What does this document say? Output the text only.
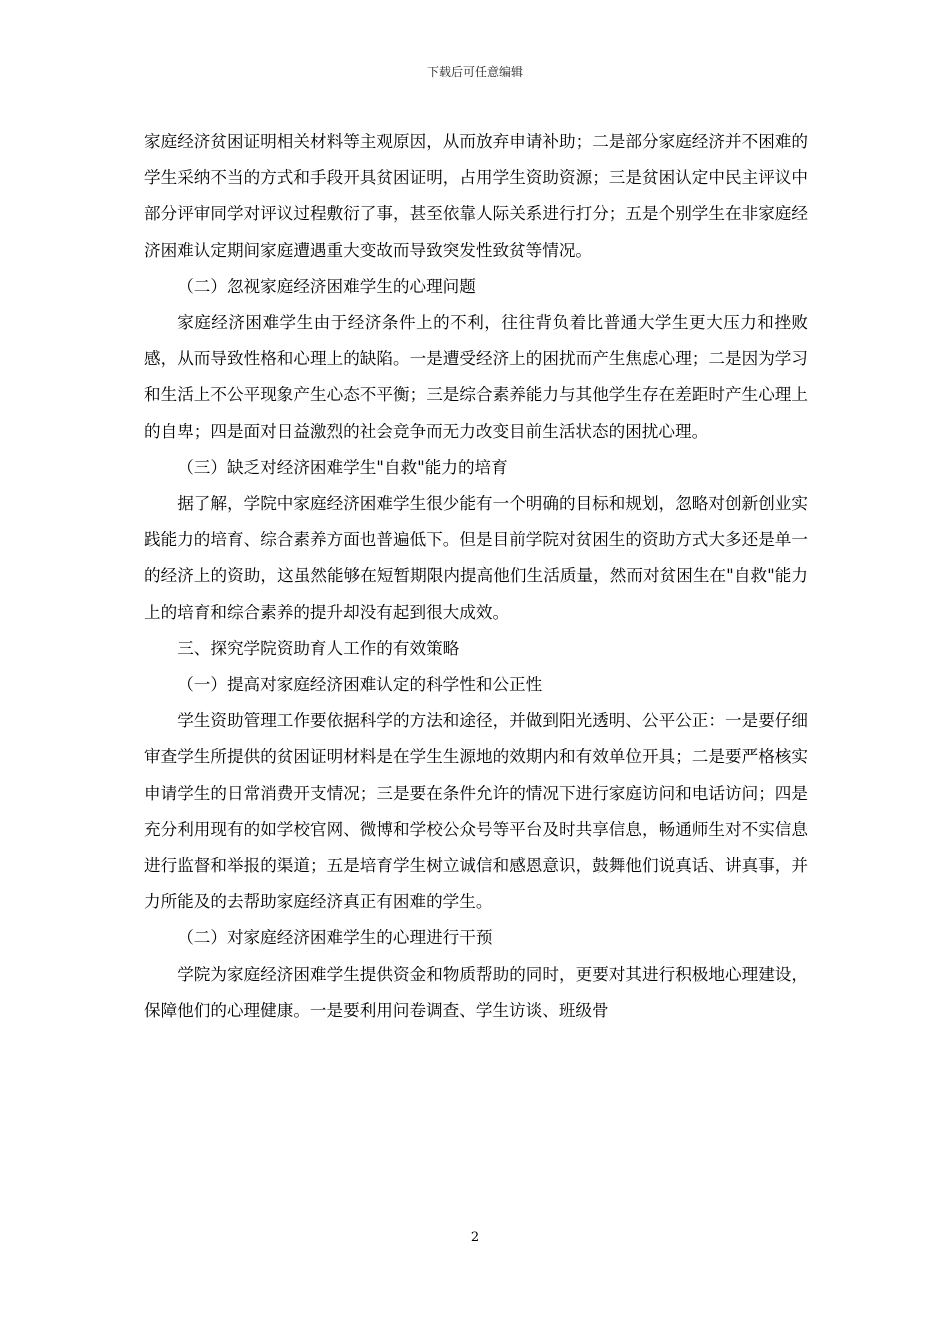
下载后可任意编辑

家庭经济贫困证明相关材料等主观原因，从而放弃申请补助；二是部分家庭经济并不困难的学生采纳不当的方式和手段开具贫困证明，占用学生资助资源；三是贫困认定中民主评议中部分评审同学对评议过程敷衍了事，甚至依靠人际关系进行打分；五是个别学生在非家庭经济困难认定期间家庭遭遇重大变故而导致突发性致贫等情况。

（二）忽视家庭经济困难学生的心理问题

家庭经济困难学生由于经济条件上的不利，往往背负着比普通大学生更大压力和挫败感，从而导致性格和心理上的缺陷。一是遭受经济上的困扰而产生焦虑心理；二是因为学习和生活上不公平现象产生心态不平衡；三是综合素养能力与其他学生存在差距时产生心理上的自卑；四是面对日益激烈的社会竞争而无力改变目前生活状态的困扰心理。

（三）缺乏对经济困难学生"自救"能力的培育

据了解，学院中家庭经济困难学生很少能有一个明确的目标和规划，忽略对创新创业实践能力的培育、综合素养方面也普遍低下。但是目前学院对贫困生的资助方式大多还是单一的经济上的资助，这虽然能够在短暂期限内提高他们生活质量，然而对贫困生在"自救"能力上的培育和综合素养的提升却没有起到很大成效。

三、探究学院资助育人工作的有效策略

（一）提高对家庭经济困难认定的科学性和公正性

学生资助管理工作要依据科学的方法和途径，并做到阳光透明、公平公正：一是要仔细审查学生所提供的贫困证明材料是在学生生源地的效期内和有效单位开具；二是要严格核实申请学生的日常消费开支情况；三是要在条件允许的情况下进行家庭访问和电话访问；四是充分利用现有的如学校官网、微博和学校公众号等平台及时共享信息，畅通师生对不实信息进行监督和举报的渠道；五是培育学生树立诚信和感恩意识，鼓舞他们说真话、讲真事，并力所能及的去帮助家庭经济真正有困难的学生。

（二）对家庭经济困难学生的心理进行干预

学院为家庭经济困难学生提供资金和物质帮助的同时，更要对其进行积极地心理建设，保障他们的心理健康。一是要利用问卷调查、学生访谈、班级骨

2
